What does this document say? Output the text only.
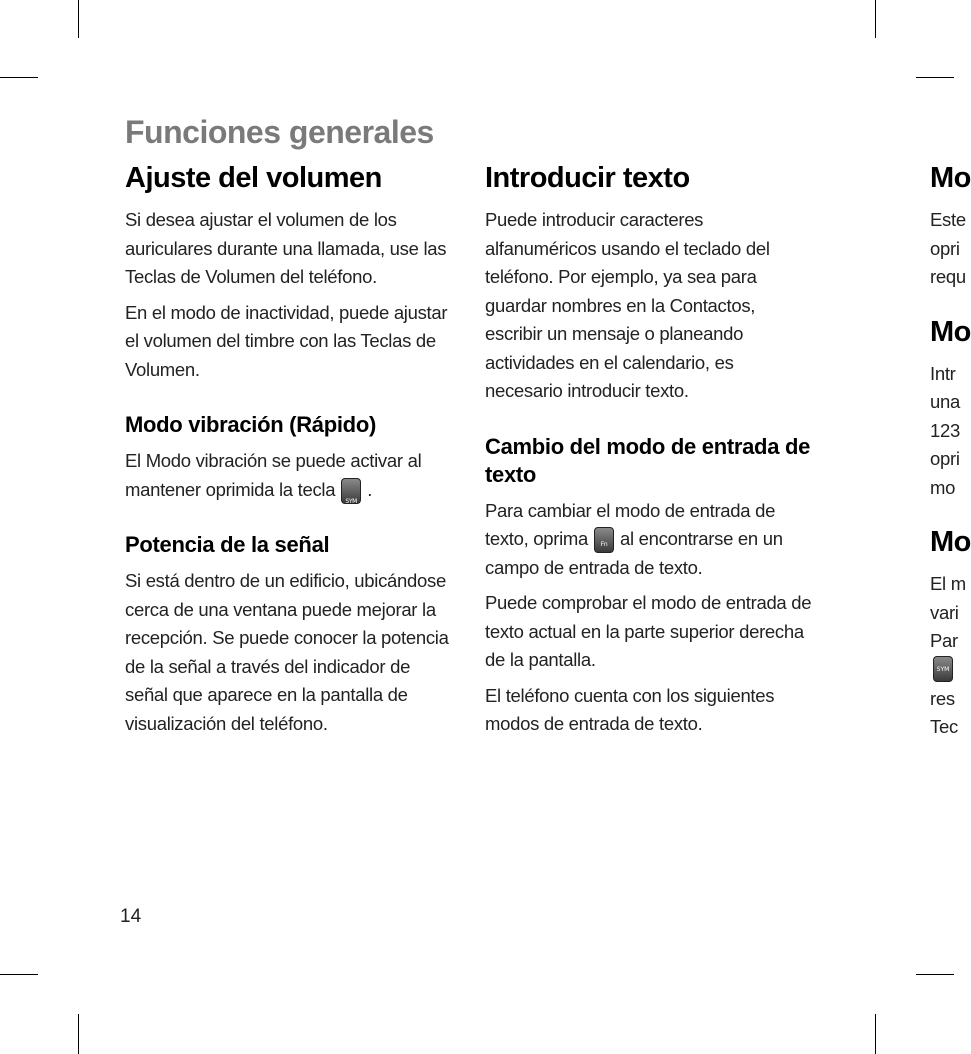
Funciones generales
Ajuste del volumen

Si desea ajustar el volumen de los auriculares durante una llamada, use las Teclas de Volumen del teléfono.

En el modo de inactividad, puede ajustar el volumen del timbre con las Teclas de Volumen.

Modo vibración (Rápido)

El Modo vibración se puede activar al mantener oprimida la tecla
SYM
.

Potencia de la señal

Si está dentro de un edificio, ubicándose cerca de una ventana puede mejorar la recepción. Se puede conocer la potencia de la señal a través del indicador de señal que aparece en la pantalla de visualización del teléfono.

Introducir texto

Puede introducir caracteres alfanuméricos usando el teclado del teléfono. Por ejemplo, ya sea para guardar nombres en la Contactos, escribir un mensaje o planeando actividades en el calendario, es necesario introducir texto.

Cambio del modo de entrada de texto

Para cambiar el modo de entrada de texto, oprima	Fn al encontrarse en un campo de entrada de texto.

Puede comprobar el modo de entrada de texto actual en la parte superior derecha de la pantalla.

El teléfono cuenta con los siguientes modos de entrada de texto.

Mo

Este

opri

requ

Mo

Intr

una

123

opri

mo

Mo

El m

vari

Par

SYM

res

Tec

14
